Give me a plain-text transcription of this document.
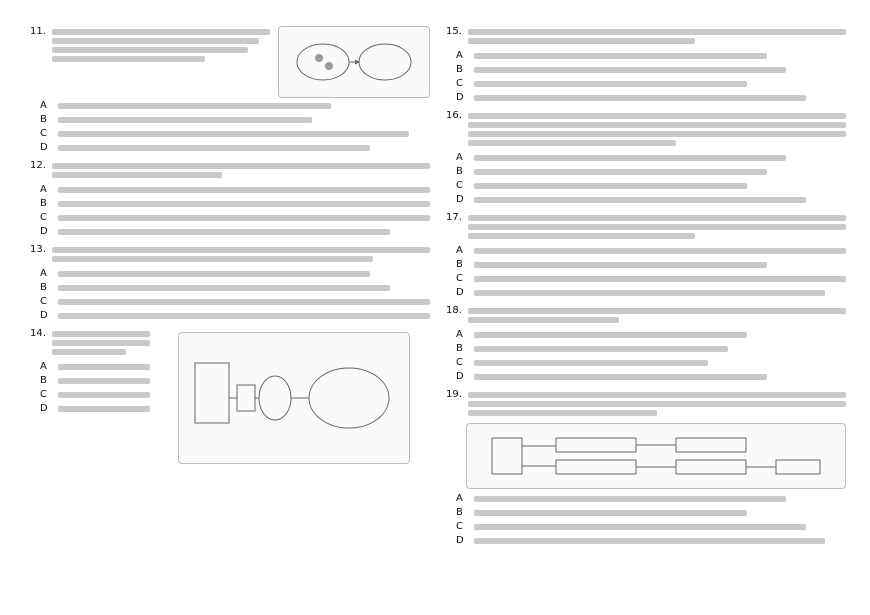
11.
A
B
C
D
12.
A
B
C
D
13.
A
B
C
D
14.
A
B
C
D
15.
A
B
C
D
16.
A
B
C
D
17.
A
B
C
D
18.
A
B
C
D
19.
A
B
C
D
